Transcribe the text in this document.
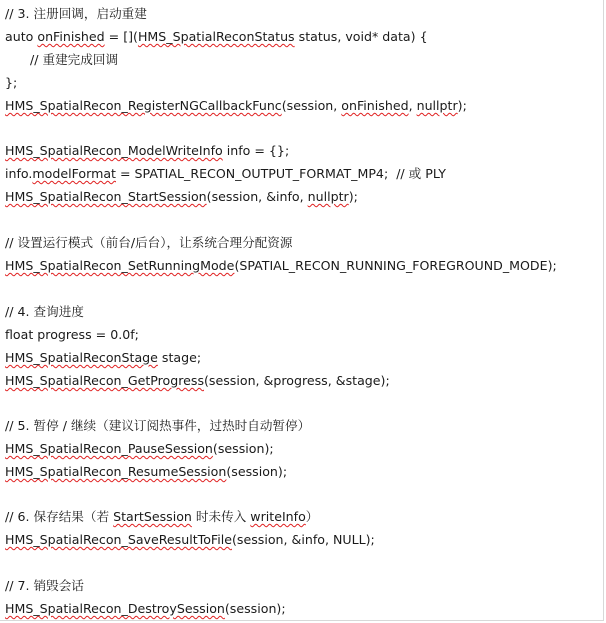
// 3. 注册回调，启动重建
auto onFinished = [](HMS_SpatialReconStatus status, void* data) {
// 重建完成回调
};
HMS_SpatialRecon_RegisterNGCallbackFunc(session, onFinished, nullptr);
HMS_SpatialRecon_ModelWriteInfo info = {};
info.modelFormat = SPATIAL_RECON_OUTPUT_FORMAT_MP4;  // 或 PLY
HMS_SpatialRecon_StartSession(session, &info, nullptr);
// 设置运行模式（前台/后台），让系统合理分配资源
HMS_SpatialRecon_SetRunningMode(SPATIAL_RECON_RUNNING_FOREGROUND_MODE);
// 4. 查询进度
float progress = 0.0f;
HMS_SpatialReconStage stage;
HMS_SpatialRecon_GetProgress(session, &progress, &stage);
// 5. 暂停 / 继续（建议订阅热事件，过热时自动暂停）
HMS_SpatialRecon_PauseSession(session);
HMS_SpatialRecon_ResumeSession(session);
// 6. 保存结果（若 StartSession 时未传入 writeInfo）
HMS_SpatialRecon_SaveResultToFile(session, &info, NULL);
// 7. 销毁会话
HMS_SpatialRecon_DestroySession(session);
